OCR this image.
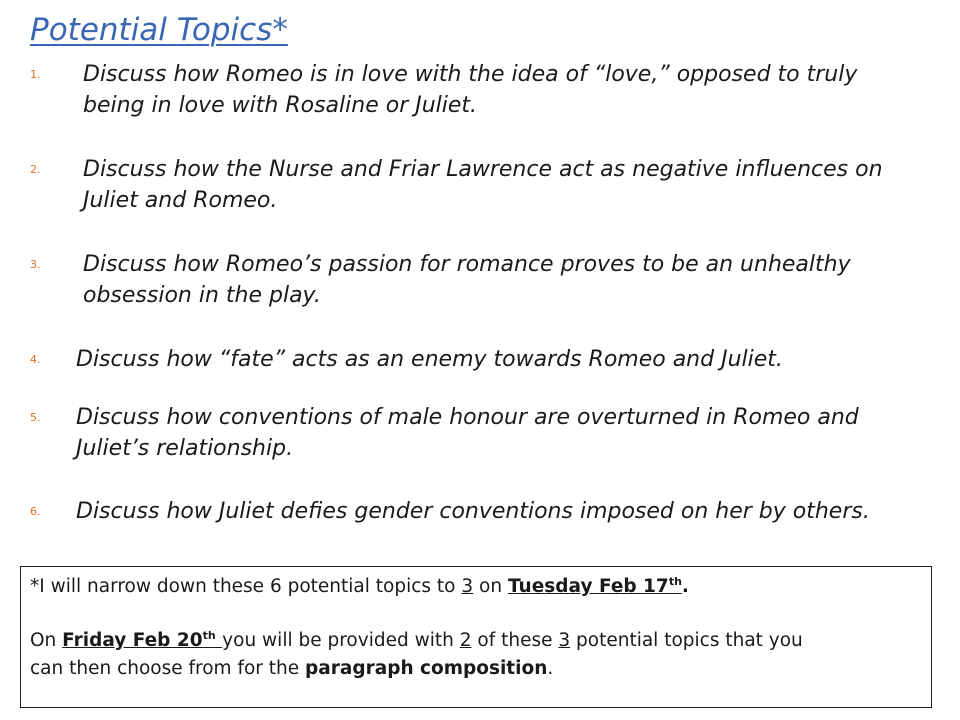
Potential Topics*
1. Discuss how Romeo is in love with the idea of “love,” opposed to truly
being in love with Rosaline or Juliet.
2. Discuss how the Nurse and Friar Lawrence act as negative influences on
Juliet and Romeo.
3. Discuss how Romeo’s passion for romance proves to be an unhealthy
obsession in the play.
4. Discuss how “fate” acts as an enemy towards Romeo and Juliet.
5. Discuss how conventions of male honour are overturned in Romeo and
Juliet’s relationship.
6. Discuss how Juliet defies gender conventions imposed on her by others.
*I will narrow down these 6 potential topics to 3 on Tuesday Feb 17th.
On Friday Feb 20th you will be provided with 2 of these 3 potential topics that you
can then choose from for the paragraph composition.
